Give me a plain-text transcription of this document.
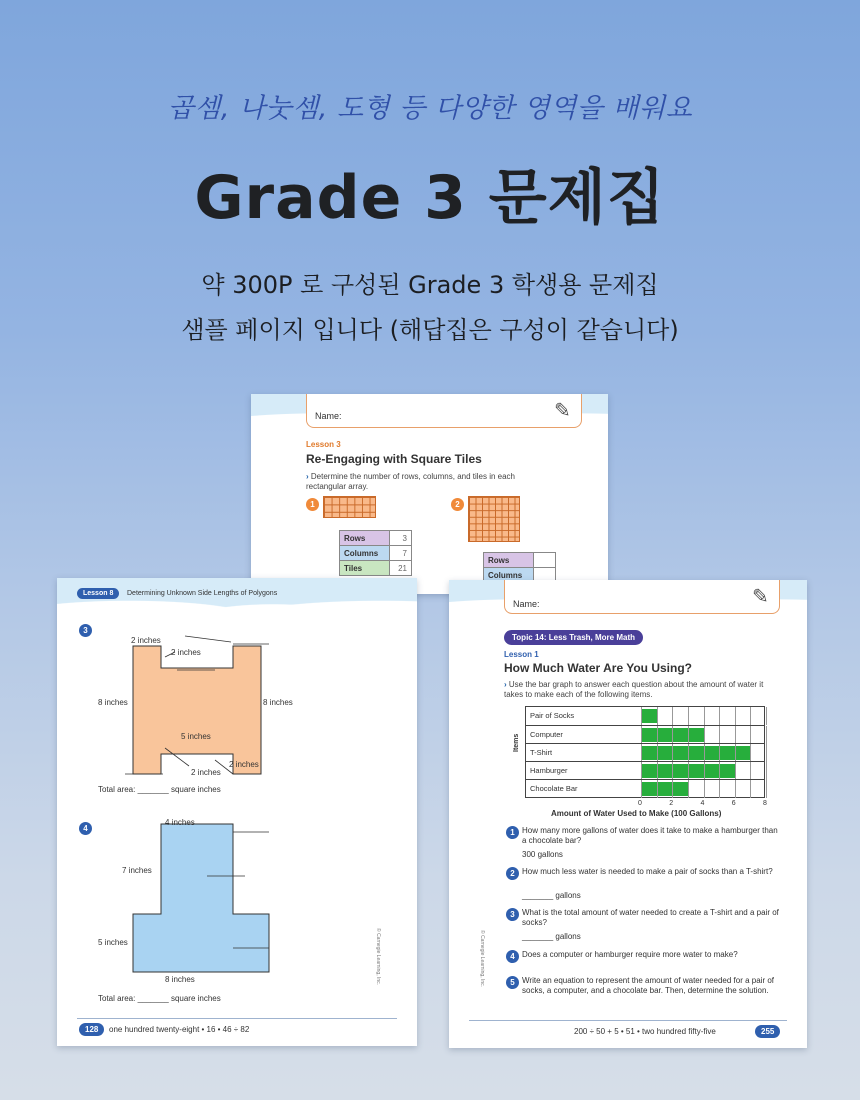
곱셈, 나눗셈, 도형 등 다양한 영역을 배워요
Grade 3 문제집
약 300P 로 구성된 Grade 3 학생용 문제집
샘플 페이지 입니다 (해답집은 구성이 같습니다)
Name:	✎
Lesson 3
Re-Engaging with Square Tiles
› Determine the number of rows, columns, and tiles in each rectangular array.
1	2
Rows	3
Columns	7
Tiles	21
Rows	
Columns	
Lesson 8	Determining Unknown Side Lengths of Polygons
3
2 inches
2 inches
8 inches	8 inches
5 inches
2 inches
2 inches
Total area: _______ square inches
4
4 inches
7 inches
5 inches
8 inches
Total area: _______ square inches
© Carnegie Learning, Inc.
128	one hundred twenty-eight • 16 • 46 ÷ 82
Name:	✎
Topic 14: Less Trash, More Math
Lesson 1
How Much Water Are You Using?
› Use the bar graph to answer each question about the amount of water it takes to make each of the following items.
Items
Pair of Socks
Computer
T-Shirt
Hamburger
Chocolate Bar
0	2	4	6	8
Amount of Water Used to Make (100 Gallons)
1 How many more gallons of water does it take to make a hamburger than a chocolate bar?
300 gallons
2 How much less water is needed to make a pair of socks than a T-shirt?
_______ gallons
3 What is the total amount of water needed to create a T-shirt and a pair of socks?
_______ gallons
4 Does a computer or hamburger require more water to make?
5 Write an equation to represent the amount of water needed for a pair of socks, a computer, and a chocolate bar. Then, determine the solution.
© Carnegie Learning, Inc.
200 ÷ 50 + 5 • 51 • two hundred fifty-five	255
